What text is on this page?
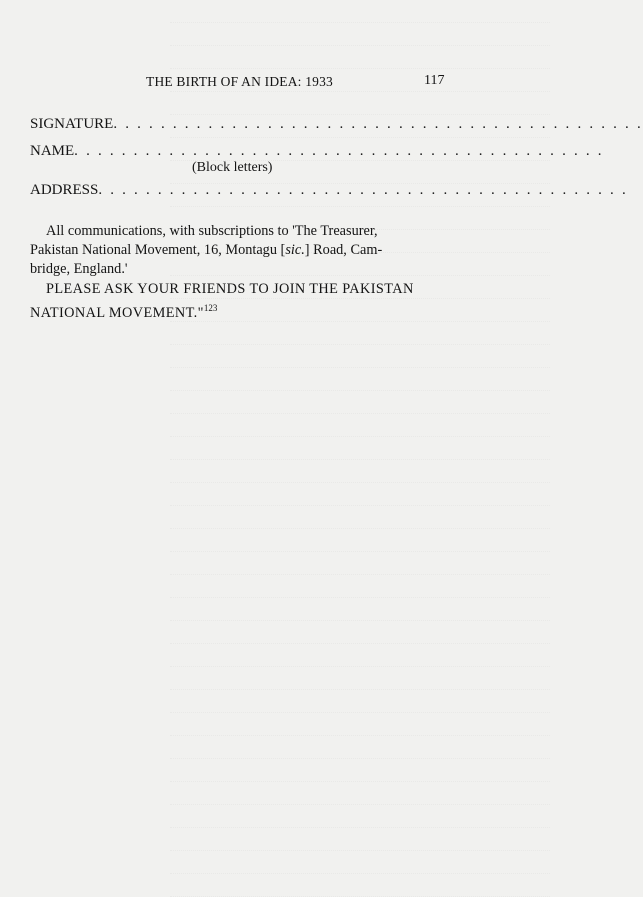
THE BIRTH OF AN IDEA: 1933	117
SIGNATURE. . . . . . . . . . . . . . . . . . . . . . . . . . . . . . . . . . . . . . . . . . . . .
NAME. . . . . . . . . . . . . . . . . . . . . . . . . . . . . . . . . . . . . . . . . . . . .
(Block letters)
ADDRESS. . . . . . . . . . . . . . . . . . . . . . . . . . . . . . . . . . . . . . . . . . . . .
All communications, with subscriptions to 'The Treasurer,
Pakistan National Movement, 16, Montagu [sic.] Road, Cam-
bridge, England.'
PLEASE ASK YOUR FRIENDS TO JOIN THE PAKISTAN
NATIONAL MOVEMENT."$^{123}$
